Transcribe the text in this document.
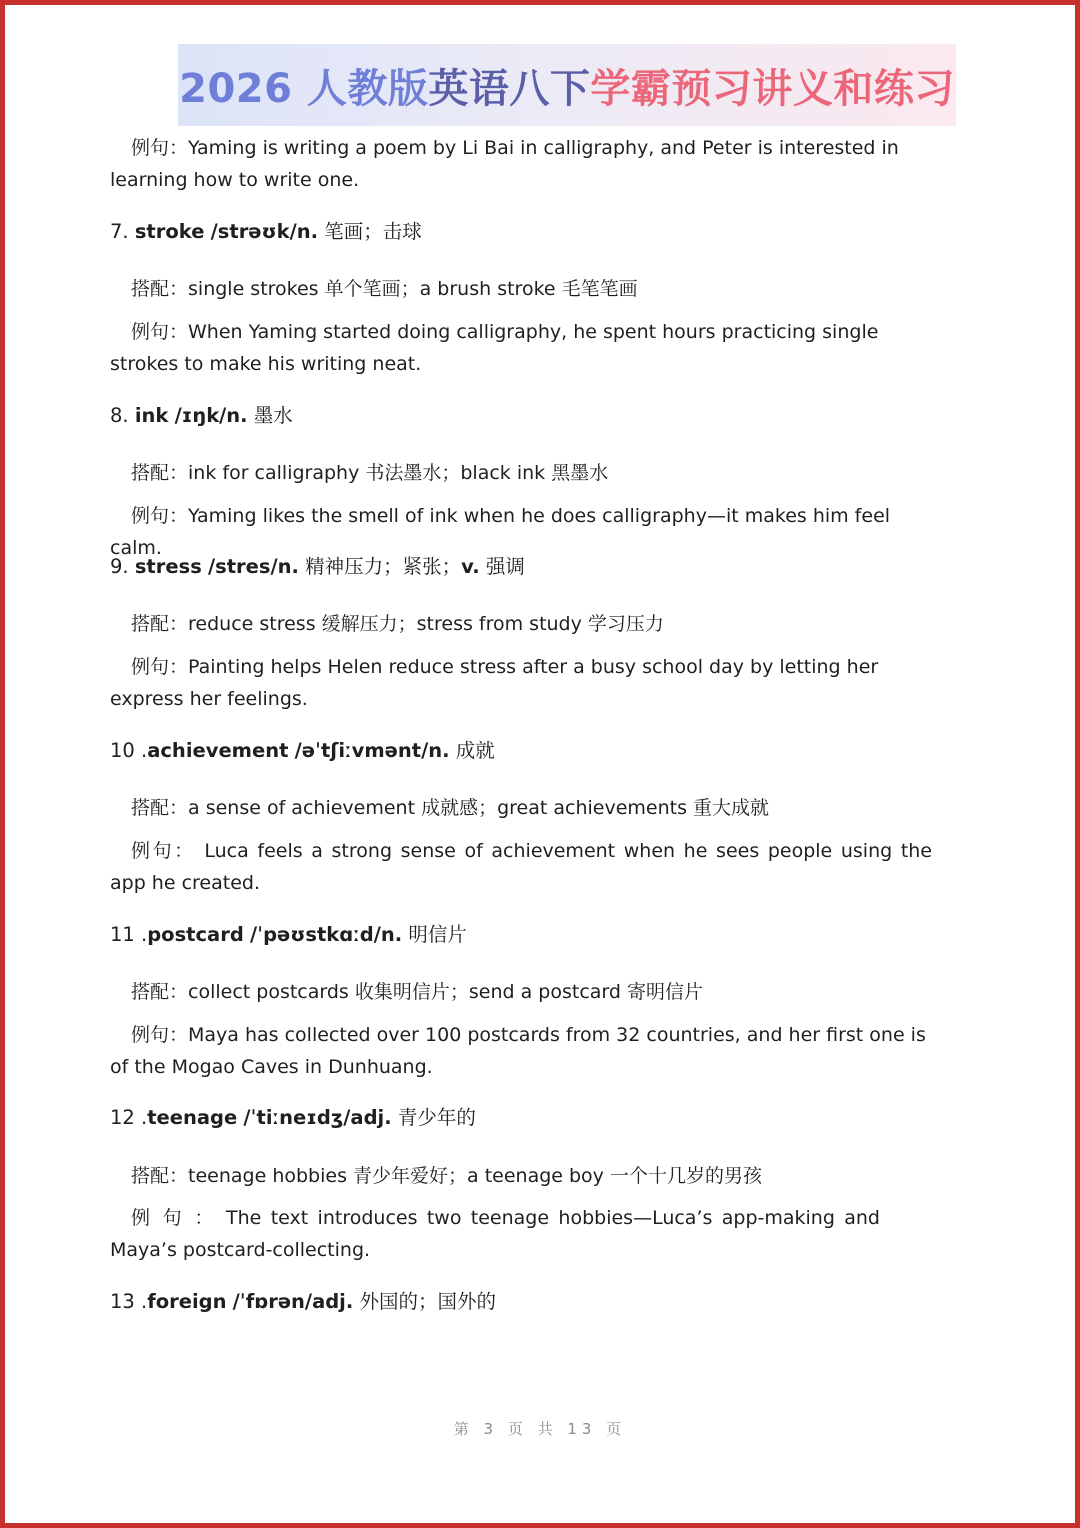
2026 人教版英语八下学霸预习讲义和练习

例句：Yaming is writing a poem by Li Bai in calligraphy, and Peter is interested in learning how to write one.

7. stroke /strəʊk/n. 笔画；击球

搭配：single strokes 单个笔画；a brush stroke 毛笔笔画

例句：When Yaming started doing calligraphy, he spent hours practicing single strokes to make his writing neat.

8. ink /ɪŋk/n. 墨水

搭配：ink for calligraphy 书法墨水；black ink 黑墨水

例句：Yaming likes the smell of ink when he does calligraphy—it makes him feel calm.

9. stress /stres/n. 精神压力；紧张；v. 强调

搭配：reduce stress 缓解压力；stress from study 学习压力

例句：Painting helps Helen reduce stress after a busy school day by letting her express her feelings.

10 .achievement /əˈtʃiːvmənt/n. 成就

搭配：a sense of achievement 成就感；great achievements 重大成就

例句： Luca feels a strong sense of achievement when he sees people using the app he created.

11 .postcard /ˈpəʊstkɑːd/n. 明信片

搭配：collect postcards 收集明信片；send a postcard 寄明信片

例句：Maya has collected over 100 postcards from 32 countries, and her first one is of the Mogao Caves in Dunhuang.

12 .teenage /ˈtiːneɪdʒ/adj. 青少年的

搭配：teenage hobbies 青少年爱好；a teenage boy 一个十几岁的男孩

例 句 ： The text introduces two teenage hobbies—Luca’s app-making and Maya’s postcard-collecting.

13 .foreign /ˈfɒrən/adj. 外国的；国外的

第 3 页 共 13 页
